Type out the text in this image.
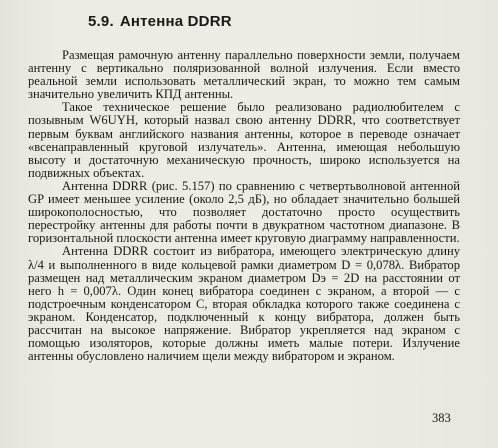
5.9. Антенна DDRR

Размещая рамочную антенну параллельно поверхности земли, получаем антенну с вертикально поляризованной волной излучения. Если вместо реальной земли использовать металлический экран, то можно тем самым значительно увеличить КПД антенны.

Такое техническое решение было реализовано радиолюбителем с позывным W6UYH, который назвал свою антенну DDRR, что соответствует первым буквам английского названия антенны, которое в переводе означает «всенаправленный круговой излучатель». Антенна, имеющая небольшую высоту и достаточную механическую прочность, широко используется на подвижных объектах.

Антенна DDRR (рис. 5.157) по сравнению с четвертьволновой антенной GP имеет меньшее усиление (около 2,5 дБ), но обладает значительно большей широкополосностью, что позволяет достаточно просто осуществить перестройку антенны для работы почти в двукратном частотном диапазоне. В горизонтальной плоскости антенна имеет круговую диаграмму направленности.

Антенна DDRR состоит из вибратора, имеющего электрическую длину λ/4 и выполненного в виде кольцевой рамки диаметром D = 0,078λ. Вибратор размещен над металлическим экраном диаметром Dэ = 2D на расстоянии от него h = 0,007λ. Один конец вибратора соединен с экраном, а второй — с подстроечным конденсатором C, вторая обкладка которого также соединена с экраном. Конденсатор, подключенный к концу вибратора, должен быть рассчитан на высокое напряжение. Вибратор укрепляется над экраном с помощью изоляторов, которые должны иметь малые потери. Излучение антенны обусловлено наличием щели между вибратором и экраном.

383
